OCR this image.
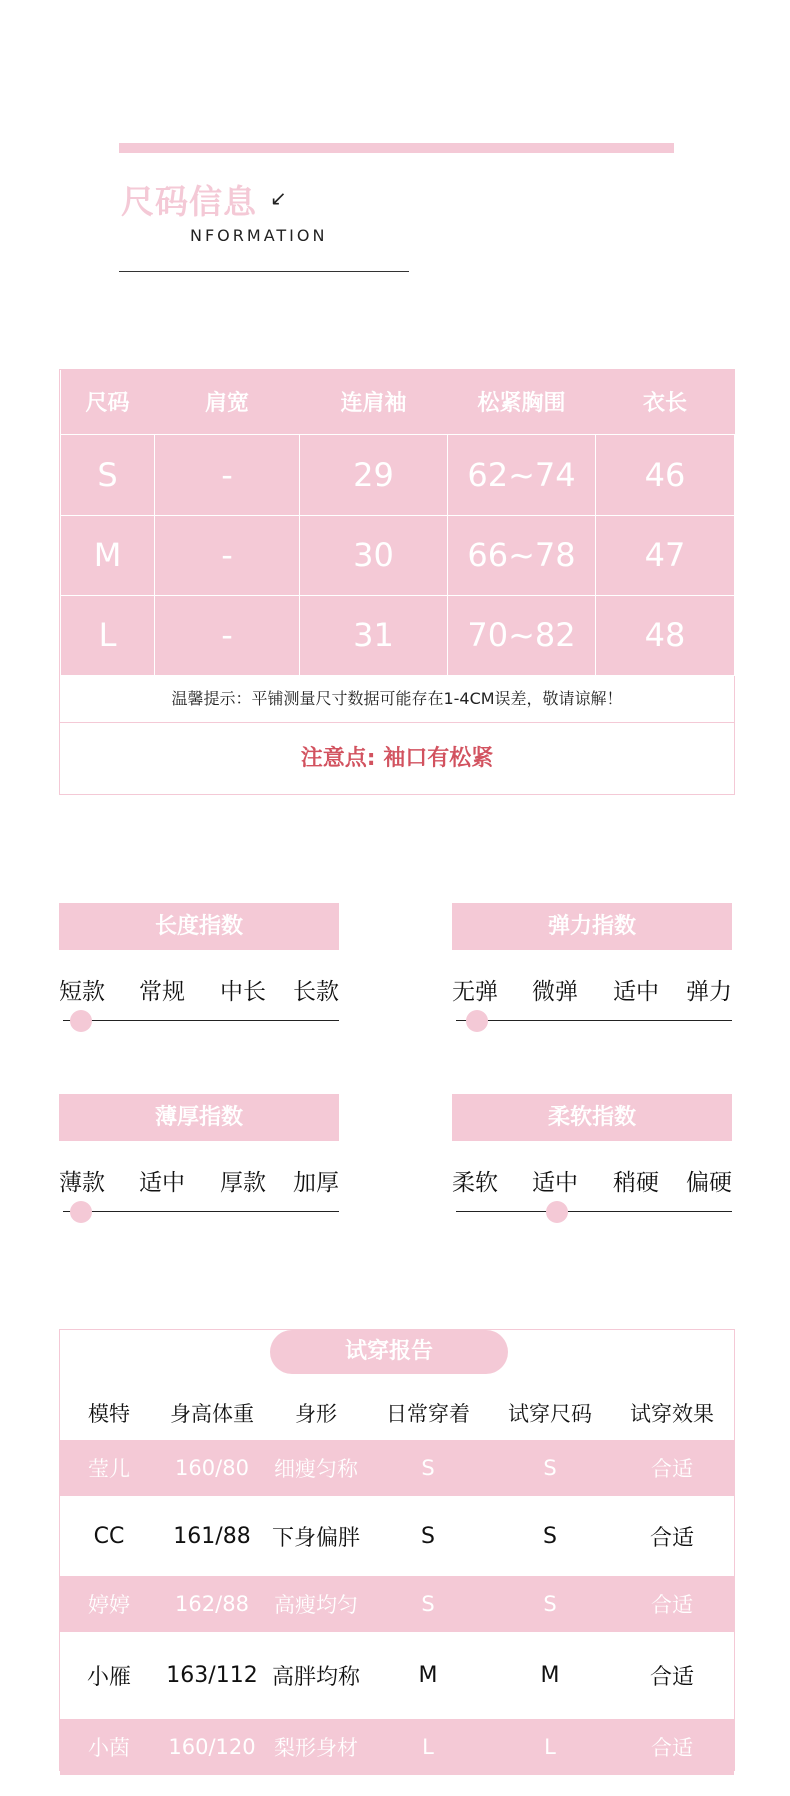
尺码信息 ↙
NFORMATION
尺码	肩宽	连肩袖	松紧胸围	衣长
S	-	29	62~74	46
M	-	30	66~78	47
L	-	31	70~82	48
温馨提示：平铺测量尺寸数据可能存在1-4CM误差，敬请谅解！
注意点: 袖口有松紧
长度指数
短款 常规 中长 长款
弹力指数
无弹 微弹 适中 弹力
薄厚指数
薄款 适中 厚款 加厚
柔软指数
柔软 适中 稍硬 偏硬
试穿报告
模特	身高体重	身形	日常穿着	试穿尺码	试穿效果
莹儿	160/80	细瘦匀称	S	S	合适
CC	161/88	下身偏胖	S	S	合适
婷婷	162/88	高瘦均匀	S	S	合适
小雁	163/112	高胖均称	M	M	合适
小茵	160/120	梨形身材	L	L	合适
